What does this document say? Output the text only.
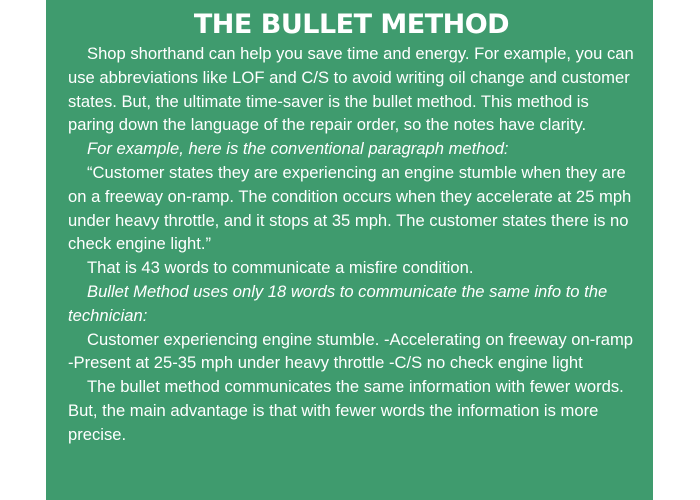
THE BULLET METHOD

Shop shorthand can help you save time and energy. For example, you can use abbreviations like LOF and C/S to avoid writing oil change and customer states. But, the ultimate time-saver is the bullet method. This method is paring down the language of the repair order, so the notes have clarity.

For example, here is the conventional paragraph method:

“Customer states they are experiencing an engine stumble when they are on a freeway on-ramp. The condition occurs when they accelerate at 25 mph under heavy throttle, and it stops at 35 mph. The customer states there is no check engine light.”

That is 43 words to communicate a misfire condition.

Bullet Method uses only 18 words to communicate the same info to the technician:

Customer experiencing engine stumble. -Accelerating on freeway on-ramp -Present at 25-35 mph under heavy throttle -C/S no check engine light

The bullet method communicates the same information with fewer words. But, the main advantage is that with fewer words the information is more precise.
